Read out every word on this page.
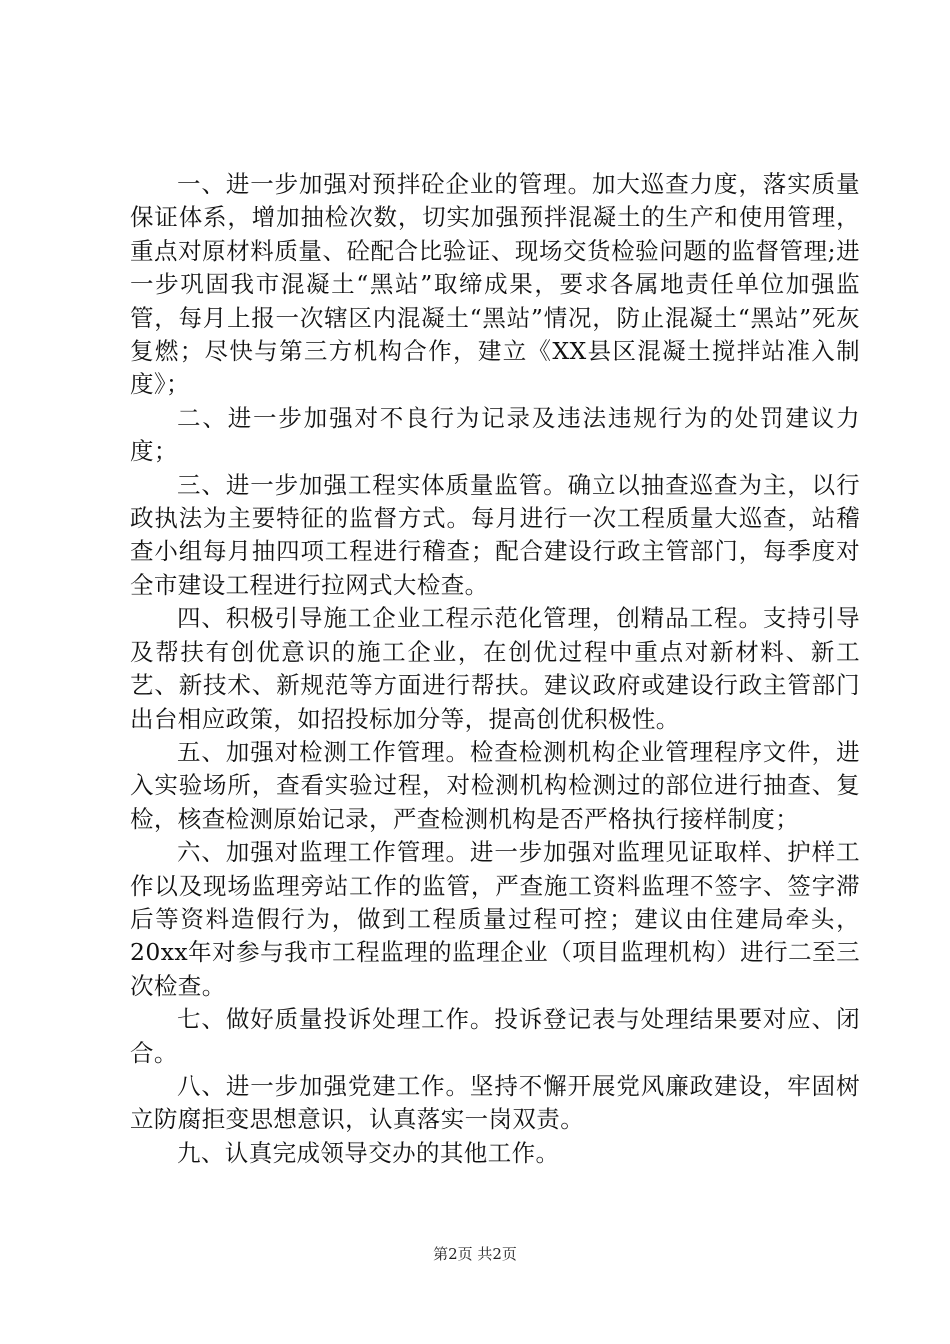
一、进一步加强对预拌砼企业的管理。加大巡查力度，落实质量保证体系，增加抽检次数，切实加强预拌混凝土的生产和使用管理，重点对原材料质量、砼配合比验证、现场交货检验问题的监督管理;进一步巩固我市混凝土“黑站”取缔成果，要求各属地责任单位加强监管，每月上报一次辖区内混凝土“黑站”情况，防止混凝土“黑站”死灰复燃；尽快与第三方机构合作，建立《XX县区混凝土搅拌站准入制度》；

二、进一步加强对不良行为记录及违法违规行为的处罚建议力度；

三、进一步加强工程实体质量监管。确立以抽查巡查为主，以行政执法为主要特征的监督方式。每月进行一次工程质量大巡查，站稽查小组每月抽四项工程进行稽查；配合建设行政主管部门，每季度对全市建设工程进行拉网式大检查。

四、积极引导施工企业工程示范化管理，创精品工程。支持引导及帮扶有创优意识的施工企业，在创优过程中重点对新材料、新工艺、新技术、新规范等方面进行帮扶。建议政府或建设行政主管部门出台相应政策，如招投标加分等，提高创优积极性。

五、加强对检测工作管理。检查检测机构企业管理程序文件，进入实验场所，查看实验过程，对检测机构检测过的部位进行抽查、复检，核查检测原始记录，严查检测机构是否严格执行接样制度；

六、加强对监理工作管理。进一步加强对监理见证取样、护样工作以及现场监理旁站工作的监管，严查施工资料监理不签字、签字滞后等资料造假行为，做到工程质量过程可控；建议由住建局牵头，20xx年对参与我市工程监理的监理企业（项目监理机构）进行二至三次检查。

七、做好质量投诉处理工作。投诉登记表与处理结果要对应、闭合。

八、进一步加强党建工作。坚持不懈开展党风廉政建设，牢固树立防腐拒变思想意识，认真落实一岗双责。

九、认真完成领导交办的其他工作。

第2页 共2页
